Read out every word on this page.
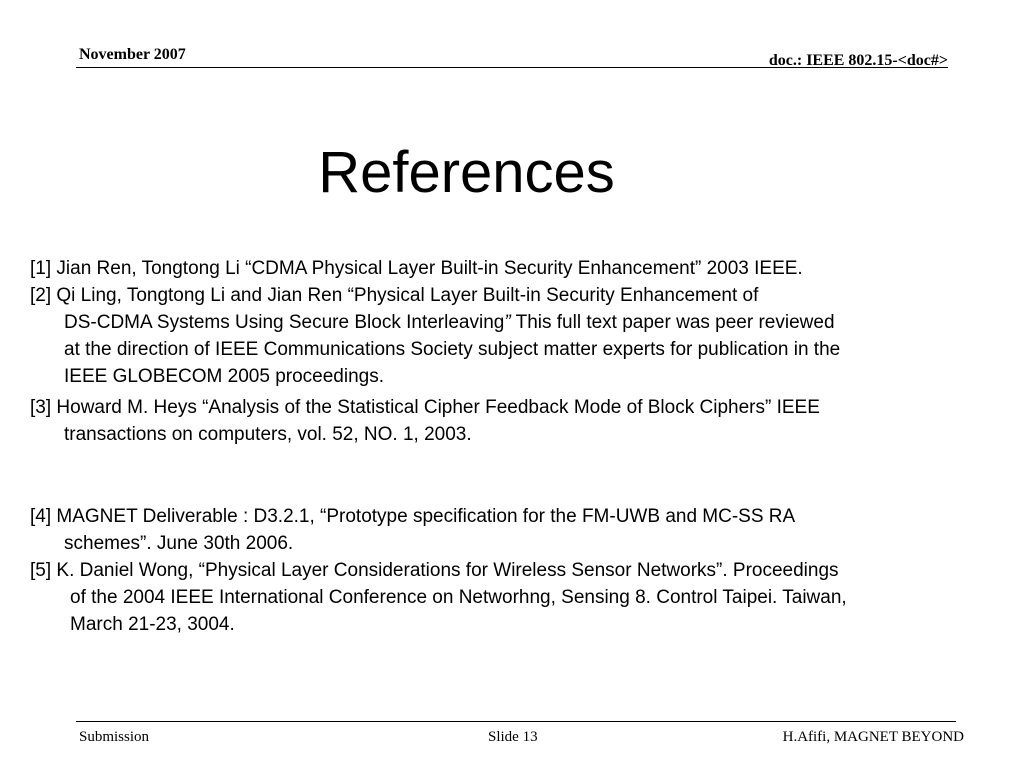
November 2007	doc.: IEEE 802.15-<doc#>
References
[1] Jian Ren, Tongtong Li “CDMA Physical Layer Built-in Security Enhancement” 2003 IEEE.
[2] Qi Ling, Tongtong Li and Jian Ren “Physical Layer Built-in Security Enhancement of
DS-CDMA Systems Using Secure Block Interleaving” This full text paper was peer reviewed
at the direction of IEEE Communications Society subject matter experts for publication in the
IEEE GLOBECOM 2005 proceedings.
[3] Howard M. Heys “Analysis of the Statistical Cipher Feedback Mode of Block Ciphers” IEEE
transactions on computers, vol. 52, NO. 1, 2003.
[4] MAGNET Deliverable : D3.2.1, “Prototype specification for the FM-UWB and MC-SS RA
schemes”. June 30th 2006.
[5] K. Daniel Wong, “Physical Layer Considerations for Wireless Sensor Networks”. Proceedings
of the 2004 IEEE International Conference on Networhng, Sensing 8. Control Taipei. Taiwan,
March 21-23, 3004.
Submission	Slide 13	H.Afifi, MAGNET BEYOND
